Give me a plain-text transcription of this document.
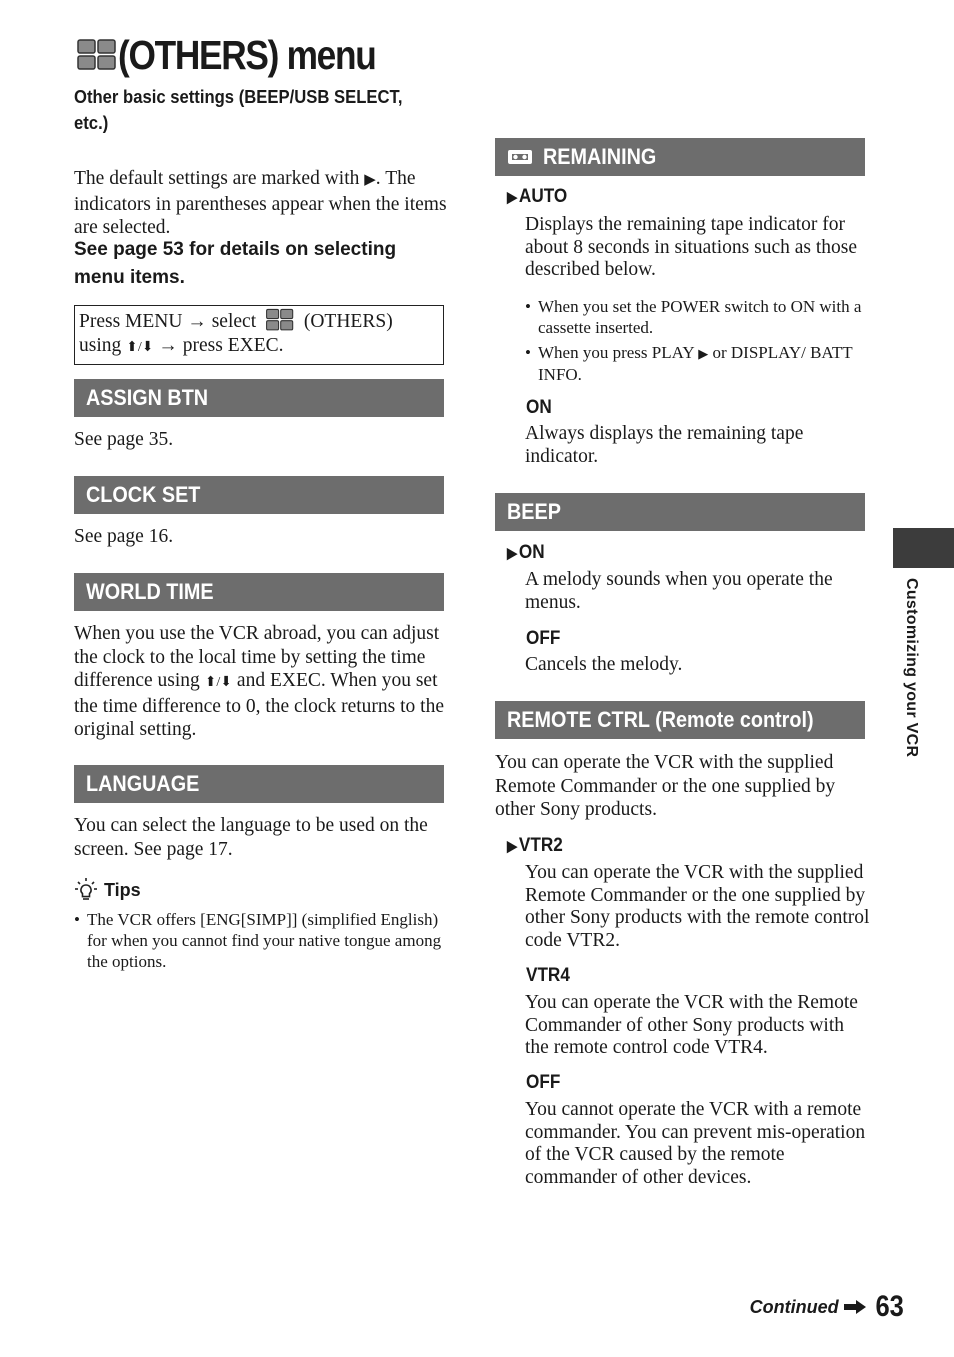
(OTHERS) menu
Other basic settings (BEEP/USB SELECT, etc.)
The default settings are marked with ▶. The indicators in parentheses appear when the items are selected.
See page 53 for details on selecting menu items.
Press MENU → select (OTHERS)
using ⬆/⬇ → press EXEC.
ASSIGN BTN
See page 35.
CLOCK SET
See page 16.
WORLD TIME
When you use the VCR abroad, you can adjust the clock to the local time by setting the time difference using ⬆/⬇ and EXEC. When you set the time difference to 0, the clock returns to the original setting.
LANGUAGE
You can select the language to be used on the screen. See page 17.
Tips
• The VCR offers [ENG[SIMP]] (simplified English) for when you cannot find your native tongue among the options.
REMAINING
▶AUTO
Displays the remaining tape indicator for about 8 seconds in situations such as those described below.
• When you set the POWER switch to ON with a cassette inserted.
• When you press PLAY ▶ or DISPLAY/ BATT INFO.
ON
Always displays the remaining tape indicator.
BEEP
▶ON
A melody sounds when you operate the menus.
OFF
Cancels the melody.
REMOTE CTRL (Remote control)
You can operate the VCR with the supplied Remote Commander or the one supplied by other Sony products.
▶VTR2
You can operate the VCR with the supplied Remote Commander or the one supplied by other Sony products with the remote control code VTR2.
VTR4
You can operate the VCR with the Remote Commander of other Sony products with the remote control code VTR4.
OFF
You cannot operate the VCR with a remote commander. You can prevent mis-operation of the VCR caused by the remote commander of other devices.
Customizing your VCR
Continued 63
